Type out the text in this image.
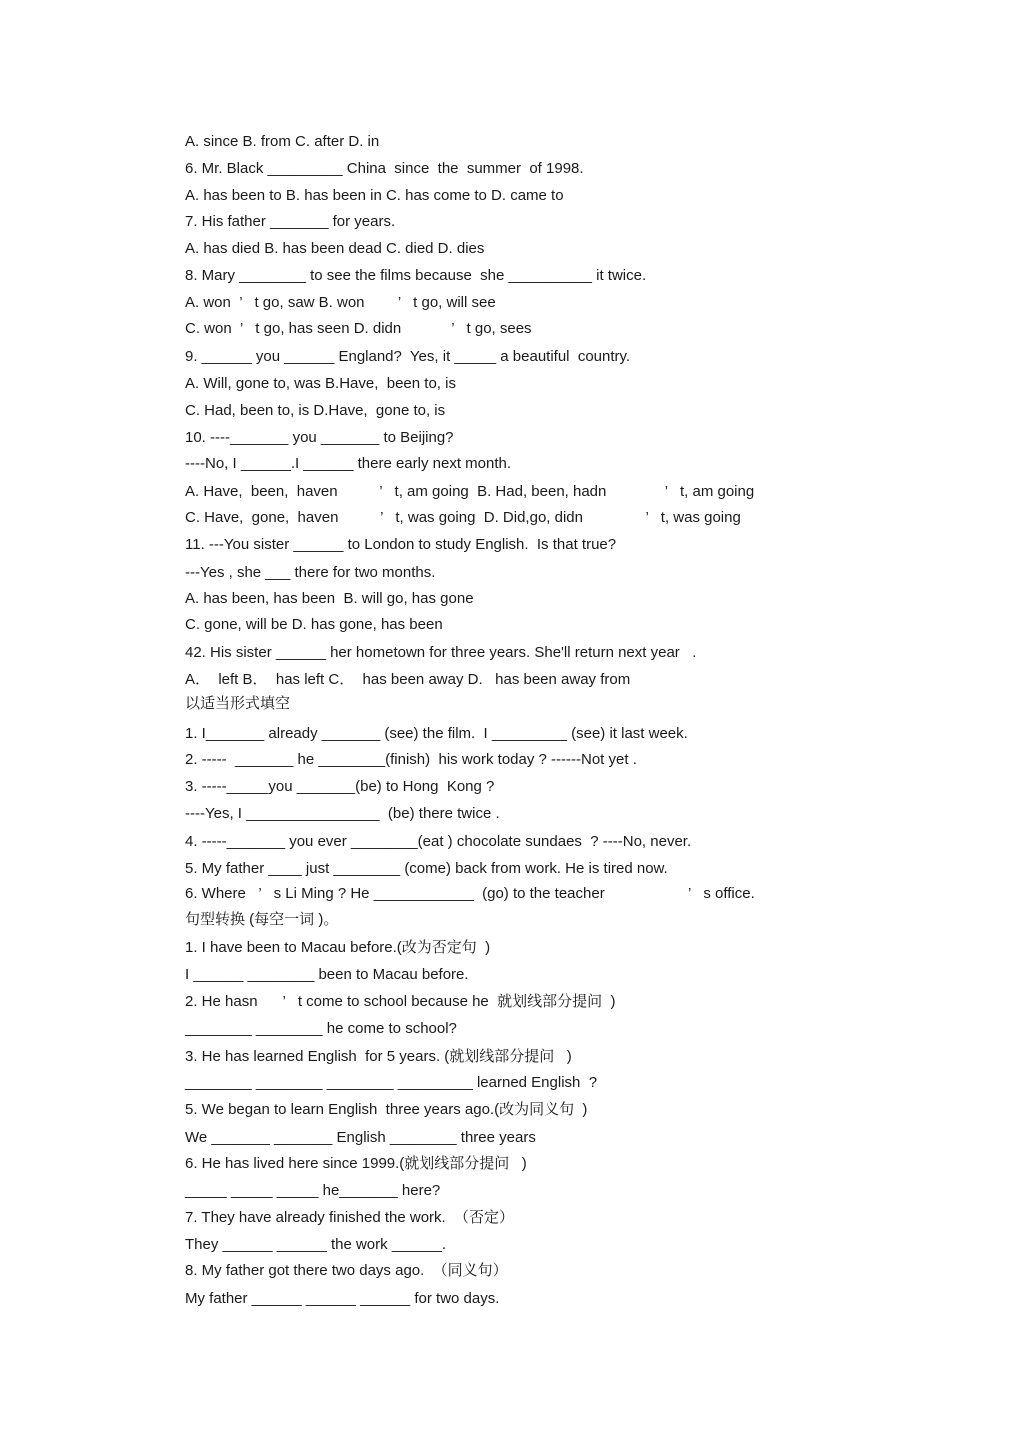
A. since B. from C. after D. in
6. Mr. Black _________ China  since  the  summer  of 1998.
A. has been to B. has been in C. has come to D. came to
7. His father _______ for years.
A. has died B. has been dead C. died D. dies
8. Mary ________ to see the films because  she __________ it twice.
A. won  ’   t go, saw B. won        ’   t go, will see
C. won  ’   t go, has seen D. didn            ’   t go, sees
9. ______ you ______ England?  Yes, it _____ a beautiful  country.
A. Will, gone to, was B.Have,  been to, is
C. Had, been to, is D.Have,  gone to, is
10. ----_______ you _______ to Beijing?
----No, I ______.I ______ there early next month.
A. Have,  been,  haven          ’   t, am going  B. Had, been, hadn              ’   t, am going
C. Have,  gone,  haven          ’   t, was going  D. Did,go, didn               ’   t, was going
11. ---You sister ______ to London to study English.  Is that true?
---Yes , she ___ there for two months.
A. has been, has been  B. will go, has gone
C. gone, will be D. has gone, has been
42. His sister ______ her hometown for three years. She'll return next year   .
A．  left B．  has left C．  has been away D.   has been away from
以适当形式填空
1. I_______ already _______ (see) the film.  I _________ (see) it last week.
2. -----  _______ he ________(finish)  his work today ? ------Not yet .
3. -----_____you _______(be) to Hong  Kong ?
----Yes, I ________________  (be) there twice .
4. -----_______ you ever ________(eat ) chocolate sundaes  ? ----No, never.
5. My father ____ just ________ (come) back from work. He is tired now.
6. Where   ’   s Li Ming ? He ____________  (go) to the teacher                    ’   s office.
句型转换 (每空一词 )。
1. I have been to Macau before.(改为否定句  )
I ______ ________ been to Macau before.
2. He hasn      ’   t come to school because he  就划线部分提问  )
________ ________ he come to school?
3. He has learned English  for 5 years. (就划线部分提问   )
________ ________ ________ _________ learned English  ?
5. We began to learn English  three years ago.(改为同义句  )
We _______ _______ English ________ three years
6. He has lived here since 1999.(就划线部分提问   )
_____ _____ _____ he_______ here?
7. They have already finished the work.  （否定）
They ______ ______ the work ______.
8. My father got there two days ago.  （同义句）
My father ______ ______ ______ for two days.
